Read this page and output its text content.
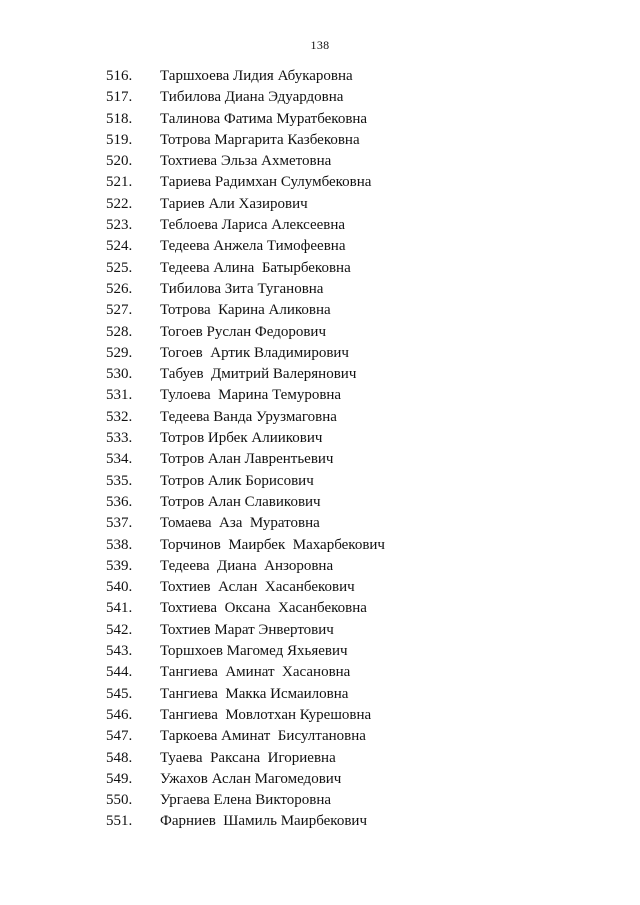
138
516. Таршхоева Лидия Абукаровна
517. Тибилова Диана Эдуардовна
518. Талинова Фатима Муратбековна
519. Тотрова Маргарита Казбековна
520. Тохтиева Эльза Ахметовна
521. Тариева Радимхан Сулумбековна
522. Тариев Али Хазирович
523. Теблоева Лариса Алексеевна
524. Тедеева Анжела Тимофеевна
525. Тедеева Алина  Батырбековна
526. Тибилова Зита Тугановна
527. Тотрова  Карина Аликовна
528. Тогоев Руслан Федорович
529. Тогоев  Артик Владимирович
530. Табуев  Дмитрий Валерянович
531. Тулоева  Марина Темуровна
532. Тедеева Ванда Урузмаговна
533. Тотров Ирбек Алиикович
534. Тотров Алан Лаврентьевич
535. Тотров Алик Борисович
536. Тотров Алан Славикович
537. Томаева  Аза  Муратовна
538. Торчинов  Маирбек  Махарбекович
539. Тедеева  Диана  Анзоровна
540. Тохтиев  Аслан  Хасанбекович
541. Тохтиева  Оксана  Хасанбековна
542. Тохтиев Марат Энвертович
543. Торшхоев Магомед Яхьяевич
544. Тангиева  Аминат  Хасановна
545. Тангиева  Макка Исмаиловна
546. Тангиева  Мовлотхан Курешовна
547. Таркоева Аминат  Бисултановна
548. Туаева  Раксана  Игориевна
549. Ужахов Аслан Магомедович
550. Ургаева Елена Викторовна
551. Фарниев  Шамиль Маирбекович
